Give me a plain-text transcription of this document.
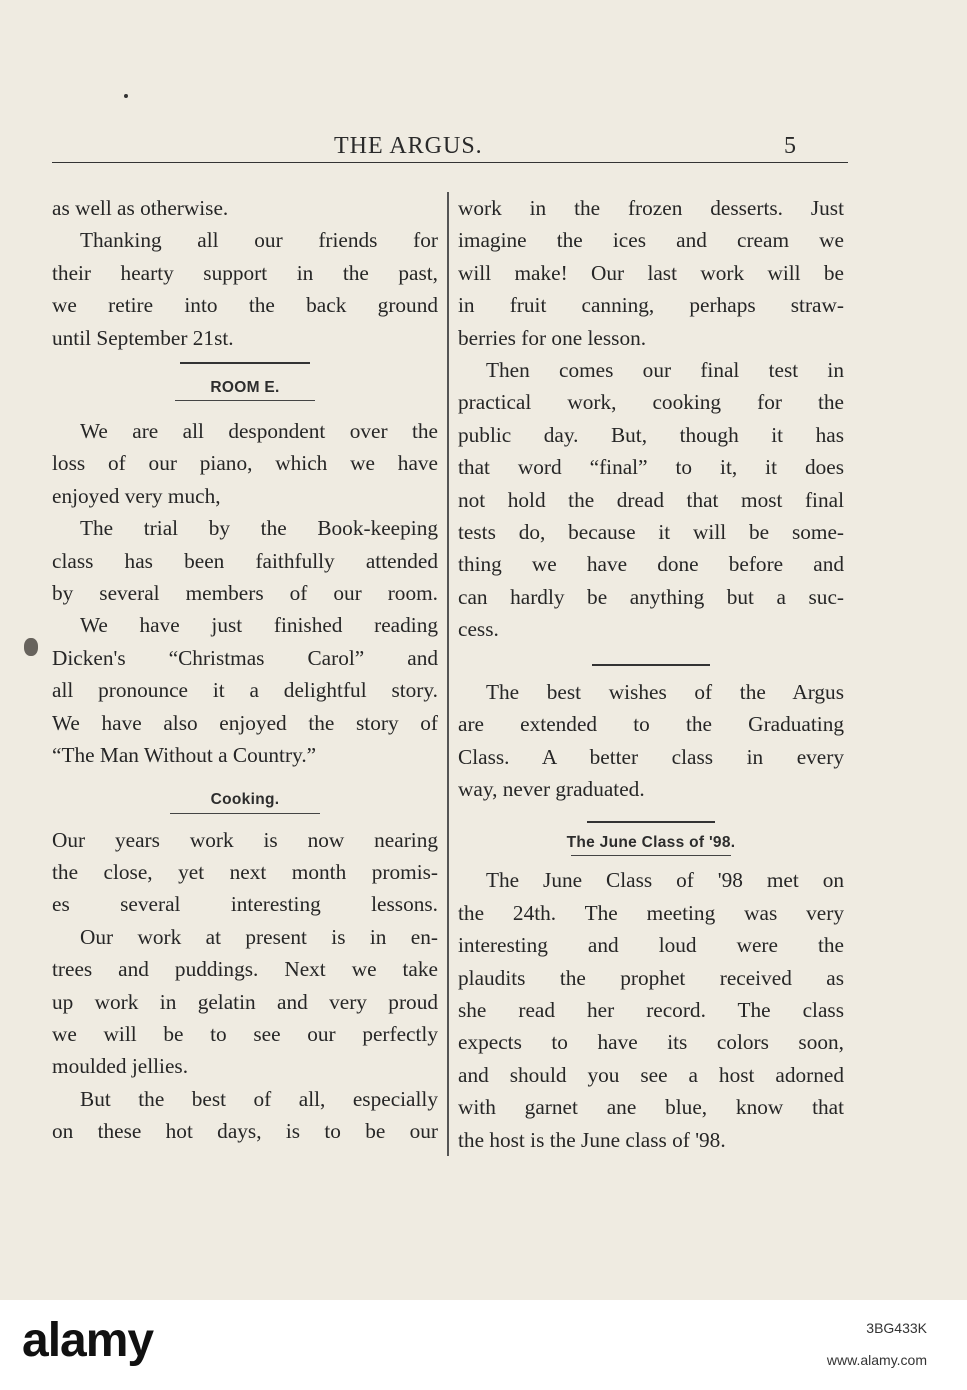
THE ARGUS.	5

as well as otherwise.

Thanking all our friends for
their hearty support in the past,
we retire into the back ground
until September 21st.

ROOM E.

We are all despondent over the
loss of our piano, which we have
enjoyed very much,

The trial by the Book-keeping
class has been faithfully attended
by several members of our room.

We have just finished reading
Dicken's “Christmas Carol” and
all pronounce it a delightful story.
We have also enjoyed the story of
“The Man Without a Country.”

Cooking.

Our years work is now nearing
the close, yet next month promis-
es several interesting lessons.

Our work at present is in en-
trees and puddings. Next we take
up work in gelatin and very proud
we will be to see our perfectly
moulded jellies.

But the best of all, especially
on these hot days, is to be our

work in the frozen desserts. Just
imagine the ices and cream we
will make! Our last work will be
in fruit canning, perhaps straw-
berries for one lesson.

Then comes our final test in
practical work, cooking for the
public day. But, though it has
that word “final” to it, it does
not hold the dread that most final
tests do, because it will be some-
thing we have done before and
can hardly be anything but a suc-
cess.

The best wishes of the Argus
are extended to the Graduating
Class. A better class in every
way, never graduated.

The June Class of '98.

The June Class of '98 met on
the 24th. The meeting was very
interesting and loud were the
plaudits the prophet received as
she read her record. The class
expects to have its colors soon,
and should you see a host adorned
with garnet ane blue, know that
the host is the June class of '98.

alamy	3BG433K
www.alamy.com
